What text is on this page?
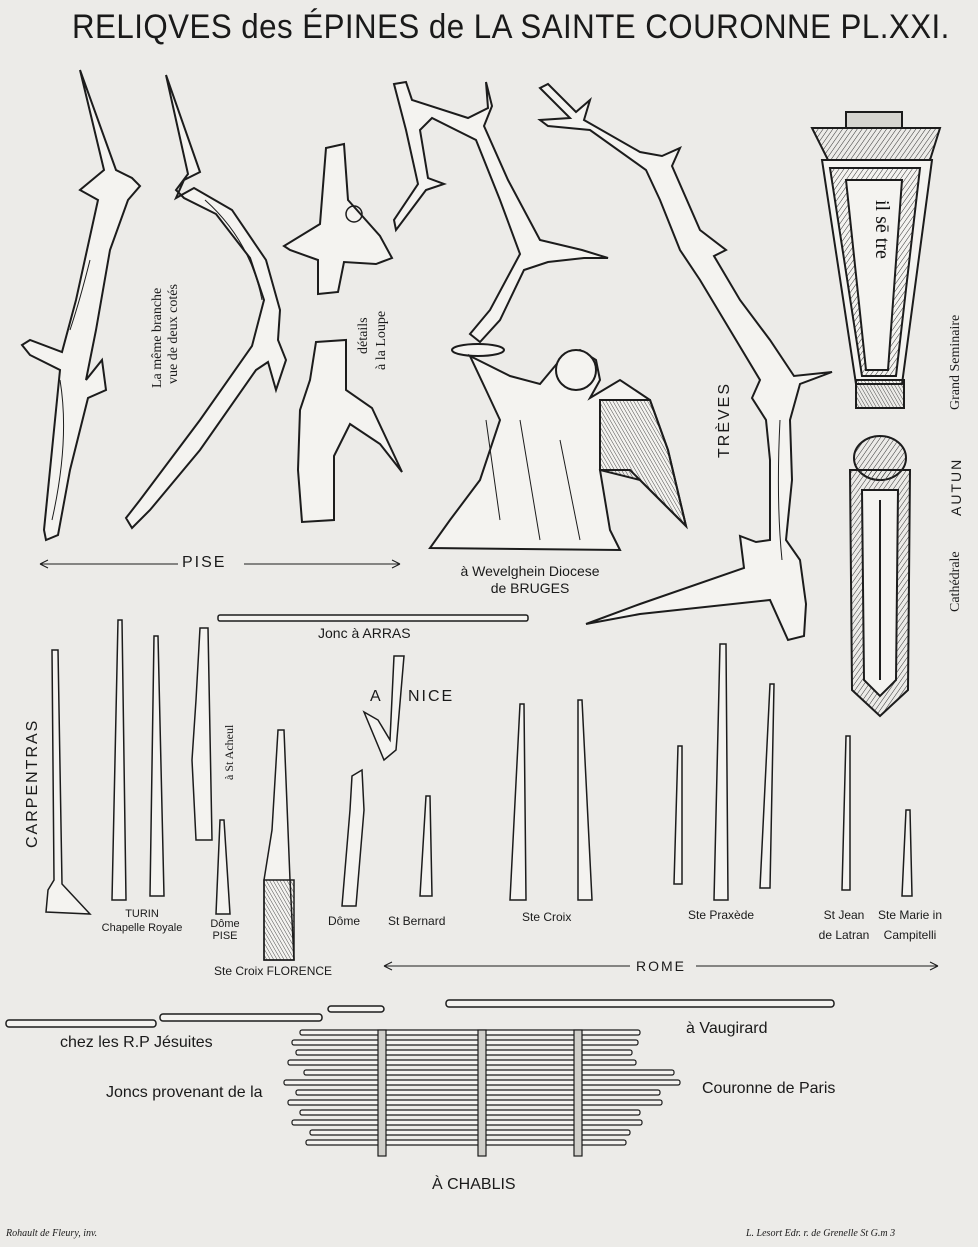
il sē tre
RELIQVES des ÉPINES de LA SAINTE COURONNE PL.XXI.
La même branche vue de deux cotés	détails à la Loupe
PISE	à Wevelghein Diocese
de BRUGES
TRÈVES
Grand Seminaire
AUTUN
Cathédrale
Jonc à ARRAS
A NICE
CARPENTRAS	à St Acheul
TURIN
Chapelle Royale	Dôme
PISE
Ste Croix FLORENCE
Dôme St Bernard	Ste Croix	Ste Praxède	St Jean
de Latran
Ste Marie in
Campitelli
ROME
chez les R.P Jésuites
à Vaugirard
Joncs provenant de la	Couronne de Paris
À CHABLIS
Rohault de Fleury, inv.	L. Lesort Edr. r. de Grenelle St G.m 3
